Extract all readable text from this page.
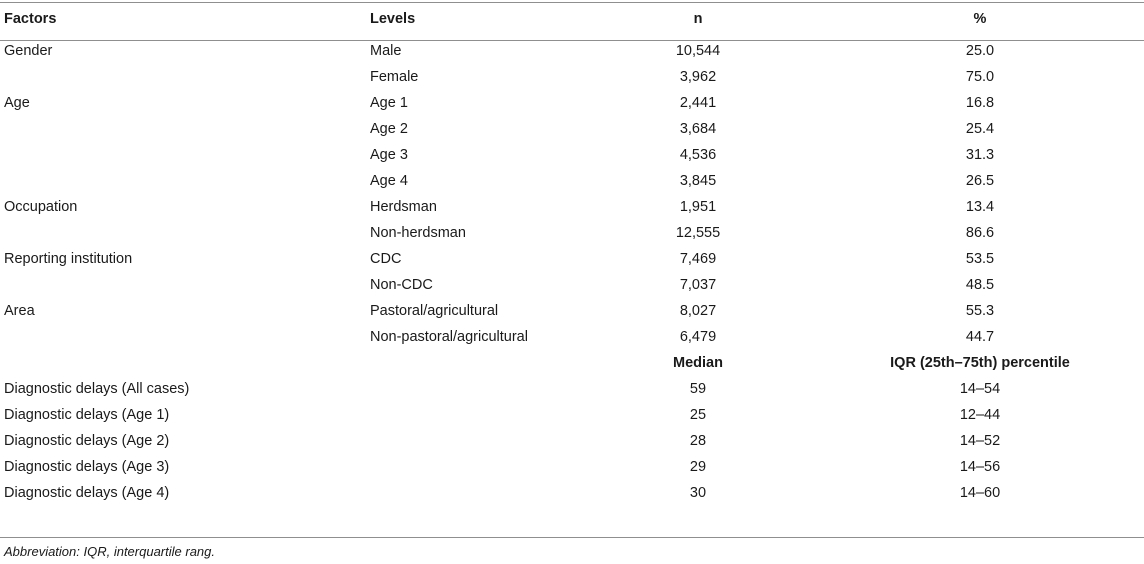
Factors	Levels	n	%
Gender	Male	10,544	25.0
	Female	3,962	75.0
Age	Age 1	2,441	16.8
	Age 2	3,684	25.4
	Age 3	4,536	31.3
	Age 4	3,845	26.5
Occupation	Herdsman	1,951	13.4
	Non-herdsman	12,555	86.6
Reporting institution	CDC	7,469	53.5
	Non-CDC	7,037	48.5
Area	Pastoral/agricultural	8,027	55.3
	Non-pastoral/agricultural	6,479	44.7
		Median	IQR (25th–75th) percentile
Diagnostic delays (All cases)		59	14–54
Diagnostic delays (Age 1)		25	12–44
Diagnostic delays (Age 2)		28	14–52
Diagnostic delays (Age 3)		29	14–56
Diagnostic delays (Age 4)		30	14–60
Abbreviation: IQR, interquartile rang.
